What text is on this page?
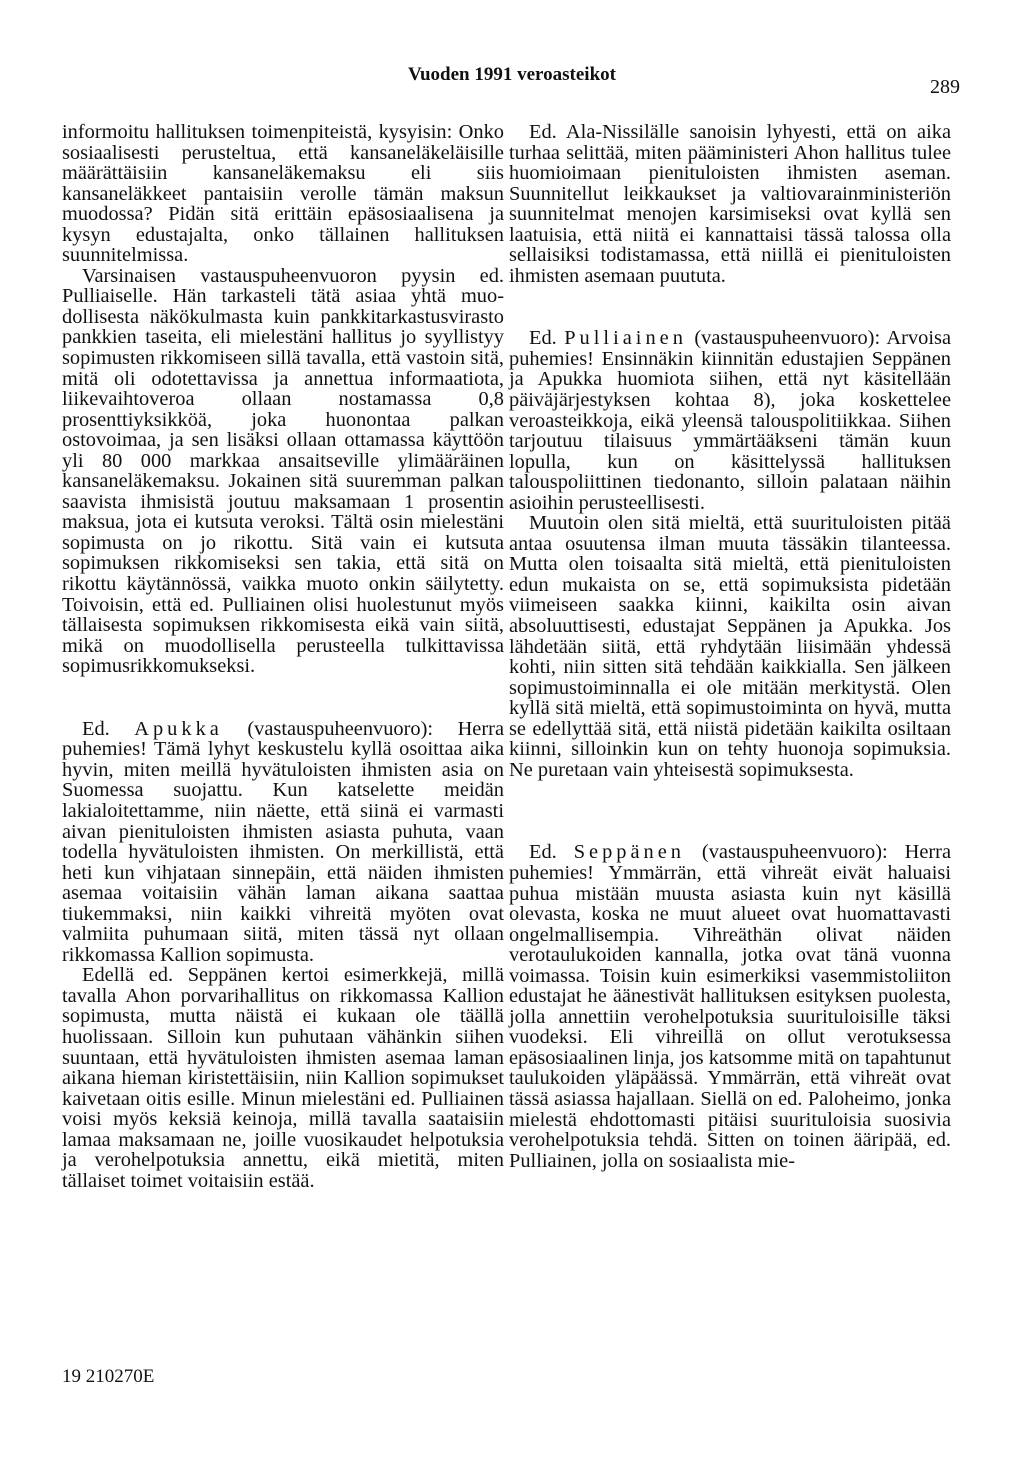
Vuoden 1991 veroasteikot
289

informoitu hallituksen toimenpiteistä, kysyisin: Onko sosiaalisesti perusteltua, että kansaneläkeläisille määrättäisiin kansaneläkemaksu eli siis kansaneläkkeet pantaisiin verolle tämän maksun muodossa? Pidän sitä erittäin epäsosiaalisena ja kysyn edustajalta, onko tällainen hallituksen suunnitelmissa.

Varsinaisen vastauspuheenvuoron pyysin ed. Pulliaiselle. Hän tarkasteli tätä asiaa yhtä muodollisesta näkökulmasta kuin pankkitarkastusvirasto pankkien taseita, eli mielestäni hallitus jo syyllistyy sopimusten rikkomiseen sillä tavalla, että vastoin sitä, mitä oli odotettavissa ja annettua informaatiota, liikevaihtoveroa ollaan nostamassa 0,8 prosenttiyksikköä, joka huonontaa palkan ostovoimaa, ja sen lisäksi ollaan ottamassa käyttöön yli 80 000 markkaa ansaitseville ylimääräinen kansaneläkemaksu. Jokainen sitä suuremman palkan saavista ihmisistä joutuu maksamaan 1 prosentin maksua, jota ei kutsuta veroksi. Tältä osin mielestäni sopimusta on jo rikottu. Sitä vain ei kutsuta sopimuksen rikkomiseksi sen takia, että sitä on rikottu käytännössä, vaikka muoto onkin säilytetty. Toivoisin, että ed. Pulliainen olisi huolestunut myös tällaisesta sopimuksen rikkomisesta eikä vain siitä, mikä on muodollisella perusteella tulkittavissa sopimusrikkomukseksi.

Ed. Apukka (vastauspuheenvuoro): Herra puhemies! Tämä lyhyt keskustelu kyllä osoittaa aika hyvin, miten meillä hyvätuloisten ihmisten asia on Suomessa suojattu. Kun katselette meidän lakialoitettamme, niin näette, että siinä ei varmasti aivan pienituloisten ihmisten asiasta puhuta, vaan todella hyvätuloisten ihmisten. On merkillistä, että heti kun vihjataan sinnepäin, että näiden ihmisten asemaa voitaisiin vähän laman aikana saattaa tiukemmaksi, niin kaikki vihreitä myöten ovat valmiita puhumaan siitä, miten tässä nyt ollaan rikkomassa Kallion sopimusta.

Edellä ed. Seppänen kertoi esimerkkejä, millä tavalla Ahon porvarihallitus on rikkomassa Kallion sopimusta, mutta näistä ei kukaan ole täällä huolissaan. Silloin kun puhutaan vähänkin siihen suuntaan, että hyvätuloisten ihmisten asemaa laman aikana hieman kiristettäisiin, niin Kallion sopimukset kaivetaan oitis esille. Minun mielestäni ed. Pulliainen voisi myös keksiä keinoja, millä tavalla saataisiin lamaa maksamaan ne, joille vuosikaudet helpotuksia ja verohelpotuksia annettu, eikä mietitä, miten tällaiset toimet voitaisiin estää.

Ed. Ala-Nissilälle sanoisin lyhyesti, että on aika turhaa selittää, miten pääministeri Ahon hallitus tulee huomioimaan pienituloisten ihmisten aseman. Suunnitellut leikkaukset ja valtiovarainministeriön suunnitelmat menojen karsimiseksi ovat kyllä sen laatuisia, että niitä ei kannattaisi tässä talossa olla sellaisiksi todistamassa, että niillä ei pienituloisten ihmisten asemaan puututa.

Ed. Pulliainen (vastauspuheenvuoro): Arvoisa puhemies! Ensinnäkin kiinnitän edustajien Seppänen ja Apukka huomiota siihen, että nyt käsitellään päiväjärjestyksen kohtaa 8), joka koskettelee veroasteikkoja, eikä yleensä talouspolitiikkaa. Siihen tarjoutuu tilaisuus ymmärtääkseni tämän kuun lopulla, kun on käsittelyssä hallituksen talouspoliittinen tiedonanto, silloin palataan näihin asioihin perusteellisesti.

Muutoin olen sitä mieltä, että suurituloisten pitää antaa osuutensa ilman muuta tässäkin tilanteessa. Mutta olen toisaalta sitä mieltä, että pienituloisten edun mukaista on se, että sopimuksista pidetään viimeiseen saakka kiinni, kaikilta osin aivan absoluuttisesti, edustajat Seppänen ja Apukka. Jos lähdetään siitä, että ryhdytään liisimään yhdessä kohti, niin sitten sitä tehdään kaikkialla. Sen jälkeen sopimustoiminnalla ei ole mitään merkitystä. Olen kyllä sitä mieltä, että sopimustoiminta on hyvä, mutta se edellyttää sitä, että niistä pidetään kaikilta osiltaan kiinni, silloinkin kun on tehty huonoja sopimuksia. Ne puretaan vain yhteisestä sopimuksesta.

Ed. Seppänen (vastauspuheenvuoro): Herra puhemies! Ymmärrän, että vihreät eivät haluaisi puhua mistään muusta asiasta kuin nyt käsillä olevasta, koska ne muut alueet ovat huomattavasti ongelmallisempia. Vihreäthän olivat näiden verotaulukoiden kannalla, jotka ovat tänä vuonna voimassa. Toisin kuin esimerkiksi vasemmistoliiton edustajat he äänestivät hallituksen esityksen puolesta, jolla annettiin verohelpotuksia suurituloisille täksi vuodeksi. Eli vihreillä on ollut verotuksessa epäsosiaalinen linja, jos katsomme mitä on tapahtunut taulukoiden yläpäässä. Ymmärrän, että vihreät ovat tässä asiassa hajallaan. Siellä on ed. Paloheimo, jonka mielestä ehdottomasti pitäisi suurituloisia suosivia verohelpotuksia tehdä. Sitten on toinen ääripää, ed. Pulliainen, jolla on sosiaalista mie-

19 210270E
